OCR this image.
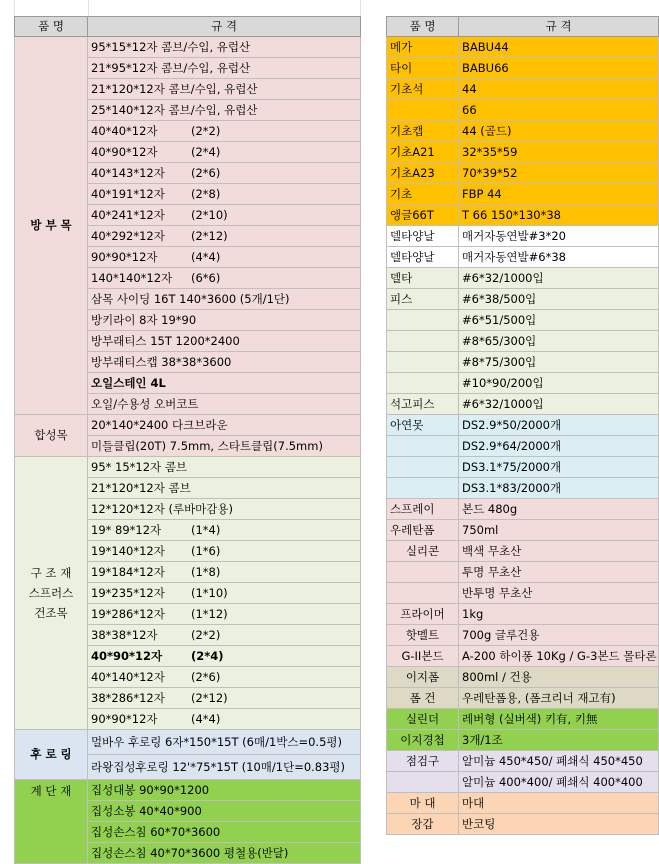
품 명	규 격
방 부 목	95*15*12자 콤브/수입, 유럽산
	21*95*12자 콤브/수입, 유럽산
	21*120*12자 콤브/수입, 유럽산
	25*140*12자 콤브/수입, 유럽산
	40*40*12자 (2*2)
	40*90*12자 (2*4)
	40*143*12자 (2*6)
	40*191*12자 (2*8)
	40*241*12자 (2*10)
	40*292*12자 (2*12)
	90*90*12자 (4*4)
	140*140*12자 (6*6)
	삼목 사이딩 16T 140*3600 (5개/1단)
	방키라이 8자 19*90
	방부래티스 15T 1200*2400
	방부래티스캡 38*38*3600
	오일스테인 4L
	오일/수용성 오버코트
합성목	20*140*2400 다크브라운
	미들클립(20T) 7.5mm, 스타트클립(7.5mm)
구 조 재
스프러스
건조목	95* 15*12자 콤브
	21*120*12자 콤브
	12*120*12자 (루바마감용)
	19* 89*12자 (1*4)
	19*140*12자 (1*6)
	19*184*12자 (1*8)
	19*235*12자 (1*10)
	19*286*12자 (1*12)
	38*38*12자 (2*2)
	40*90*12자 (2*4)
	40*140*12자 (2*6)
	38*286*12자 (2*12)
	90*90*12자 (4*4)
후 로 링	멀바우 후로링 6자*150*15T (6매/1박스=0.5평)
	라왕집성후로링 12'*75*15T (10매/1단=0.83평)
계 단 재	집성대봉 90*90*1200
	집성소봉 40*40*900
	집성손스침 60*70*3600
	집성손스침 40*70*3600 평철용(반달)
품 명	규 격
메가	BABU44
타이	BABU66
기초석	44
	66
기초캡	44 (골드)
기초A21	32*35*59
기초A23	70*39*52
기초	FBP 44
앵글66T	T 66 150*130*38
델타양날	매거자동연발#3*20
델타양날	매거자동연발#6*38
델타	#6*32/1000입
피스	#6*38/500입
	#6*51/500입
	#8*65/300입
	#8*75/300입
	#10*90/200입
석고피스	#6*32/1000입
아연못	DS2.9*50/2000개
	DS2.9*64/2000개
	DS3.1*75/2000개
	DS3.1*83/2000개
스프레이	본드 480g
우레탄폼	750ml
실리콘	백색 무초산
	투명 무초산
	반투명 무초산
프라이머	1kg
핫멜트	700g 글루건용
G-II본드	A-200 하이퐁 10Kg / G-3본드 몰타론
이지폼	800ml / 건용
폼 건	우레탄폼용, (폼크리너 재고有)
실린더	레버형 (실버색) 키有, 키無
이지경첩	3개/1조
점검구	알미늄 450*450/ 폐쇄식 450*450
	알미늄 400*400/ 폐쇄식 400*400
마 대	마대
장갑	반코팅
